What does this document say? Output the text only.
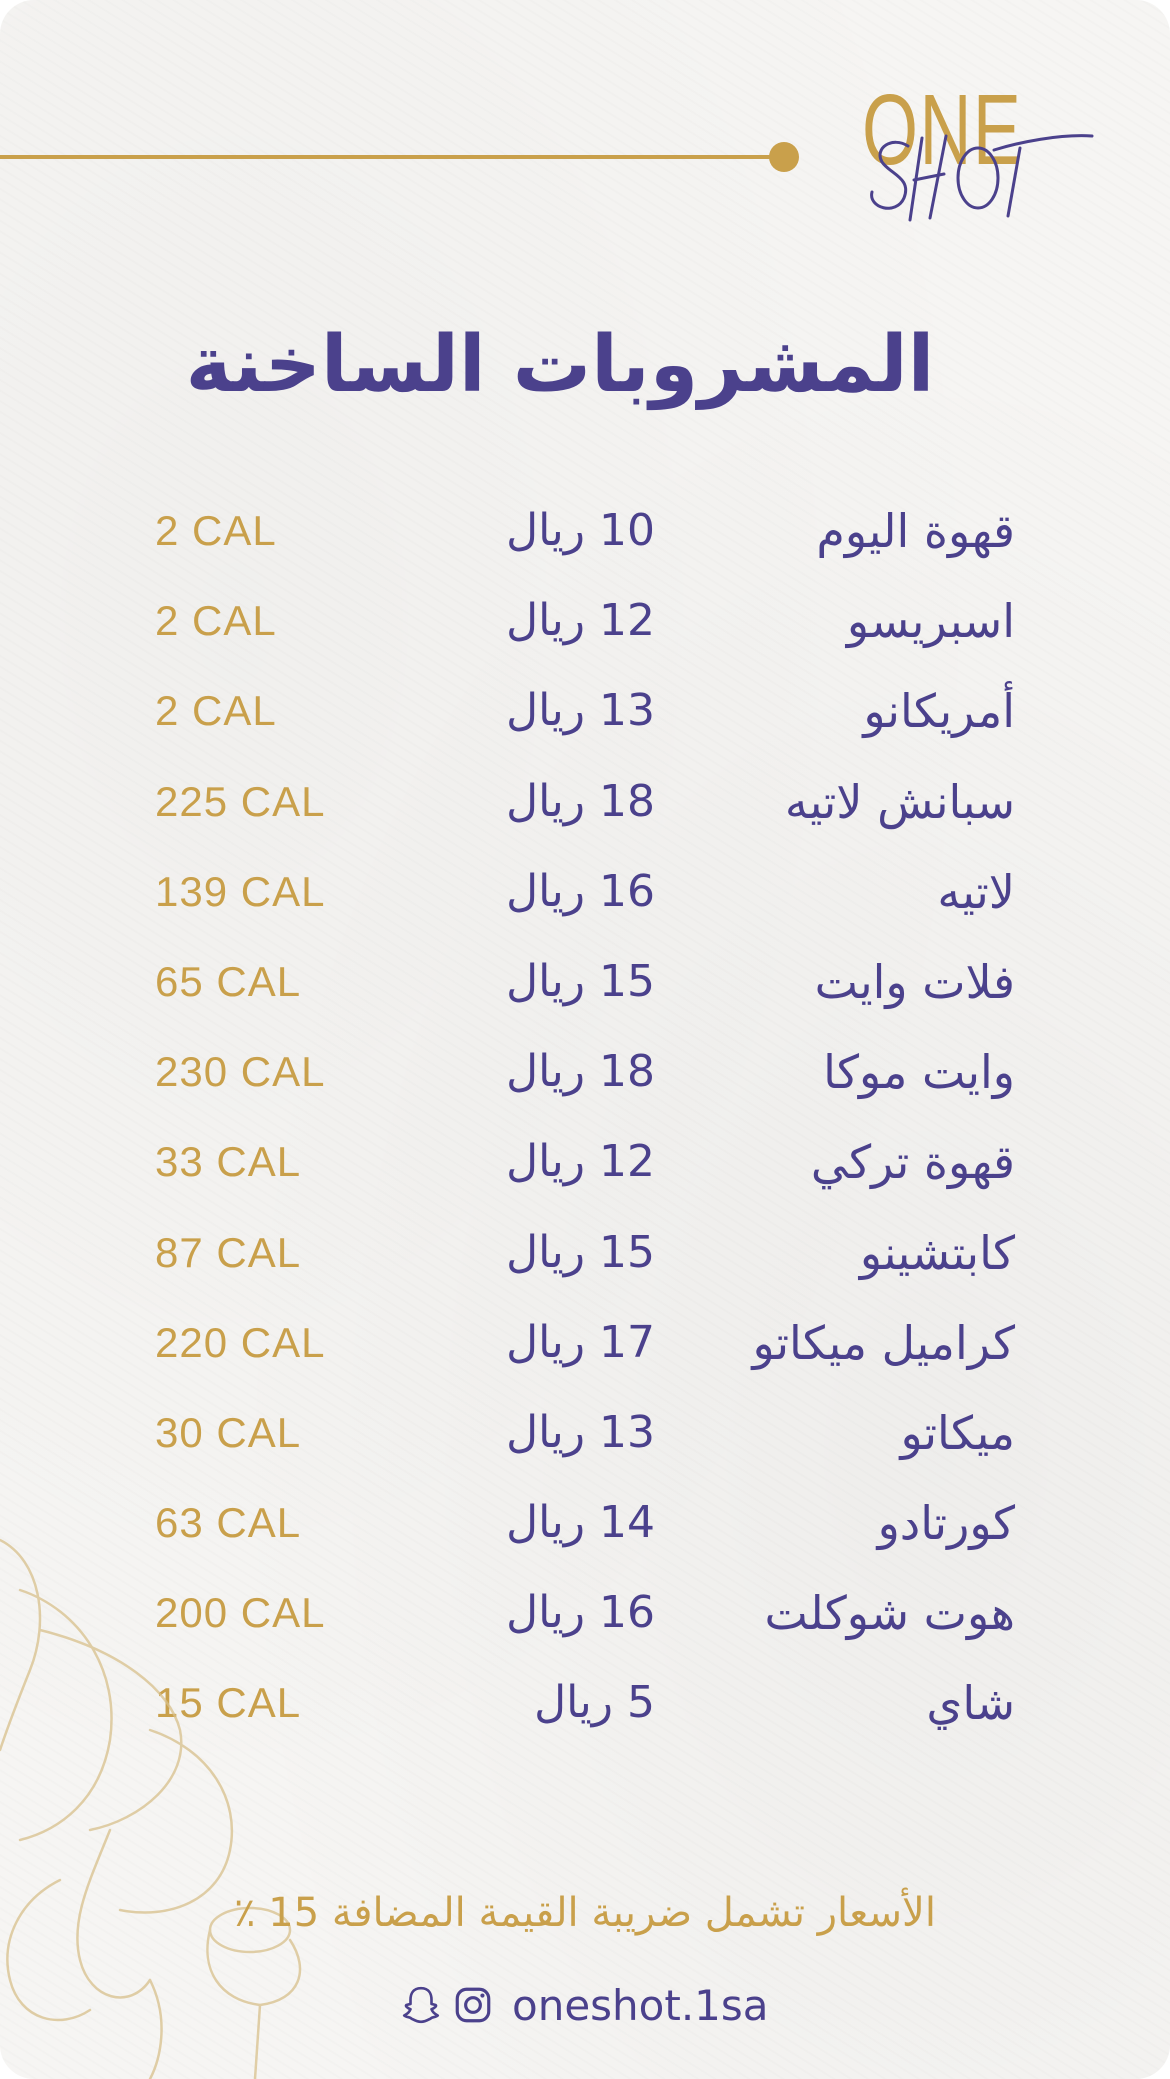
ONE
المشروبات الساخنة
قهوة اليوم
10 ريال
2 CAL
اسبريسو
12 ريال
2 CAL
أمريكانو
13 ريال
2 CAL
سبانش لاتيه
18 ريال
225 CAL
لاتيه
16 ريال
139 CAL
فلات وايت
15 ريال
65 CAL
وايت موكا
18 ريال
230 CAL
قهوة تركي
12 ريال
33 CAL
كابتشينو
15 ريال
87 CAL
كراميل ميكاتو
17 ريال
220 CAL
ميكاتو
13 ريال
30 CAL
كورتادو
14 ريال
63 CAL
هوت شوكلت
16 ريال
200 CAL
شاي
5 ريال
15 CAL
الأسعار تشمل ضريبة القيمة المضافة 15 ٪
oneshot.1sa
